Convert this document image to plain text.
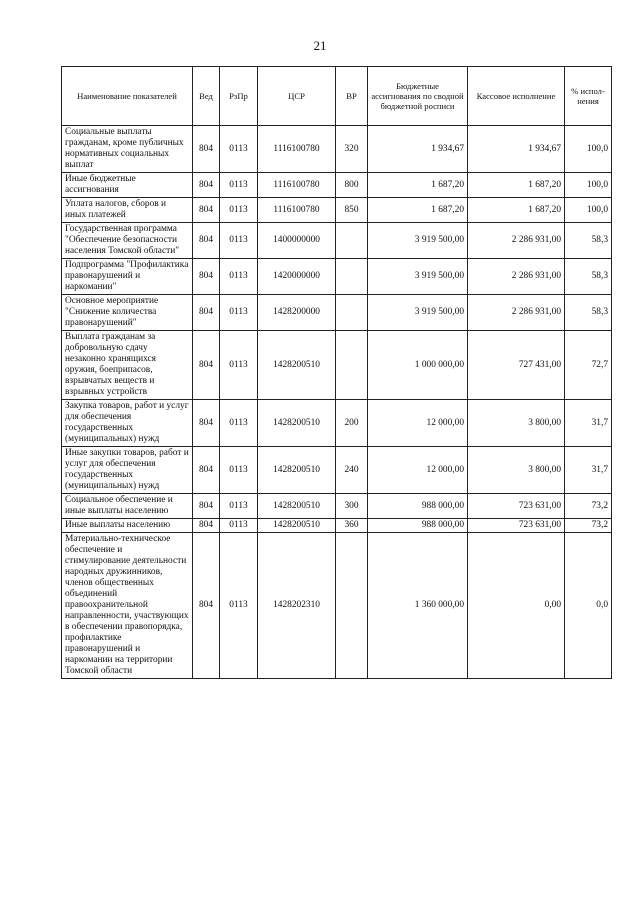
21
Наименование показателей	Вед	РзПр	ЦСР	ВР	Бюджетные ассигнования по сводной бюджетной росписи	Кассовое исполнение	% испол-нения
Социальные выплаты гражданам, кроме публичных нормативных социальных выплат	804	0113	1116100780	320	1 934,67	1 934,67	100,0
Иные бюджетные ассигнования	804	0113	1116100780	800	1 687,20	1 687,20	100,0
Уплата налогов, сборов и иных платежей	804	0113	1116100780	850	1 687,20	1 687,20	100,0
Государственная программа "Обеспечение безопасности населения Томской области"	804	0113	1400000000		3 919 500,00	2 286 931,00	58,3
Подпрограмма "Профилактика правонарушений и наркомании"	804	0113	1420000000		3 919 500,00	2 286 931,00	58,3
Основное мероприятие "Снижение количества правонарушений"	804	0113	1428200000		3 919 500,00	2 286 931,00	58,3
Выплата гражданам за добровольную сдачу незаконно хранящихся оружия, боеприпасов, взрывчатых веществ и взрывных устройств	804	0113	1428200510		1 000 000,00	727 431,00	72,7
Закупка товаров, работ и услуг для обеспечения государственных (муниципальных) нужд	804	0113	1428200510	200	12 000,00	3 800,00	31,7
Иные закупки товаров, работ и услуг для обеспечения государственных (муниципальных) нужд	804	0113	1428200510	240	12 000,00	3 800,00	31,7
Социальное обеспечение и иные выплаты населению	804	0113	1428200510	300	988 000,00	723 631,00	73,2
Иные выплаты населению	804	0113	1428200510	360	988 000,00	723 631,00	73,2
Материально-техническое обеспечение и стимулирование деятельности народных дружинников, членов общественных объединений правоохранительной направленности, участвующих в обеспечении правопорядка, профилактике правонарушений и наркомании на территории Томской области	804	0113	1428202310		1 360 000,00	0,00	0,0
